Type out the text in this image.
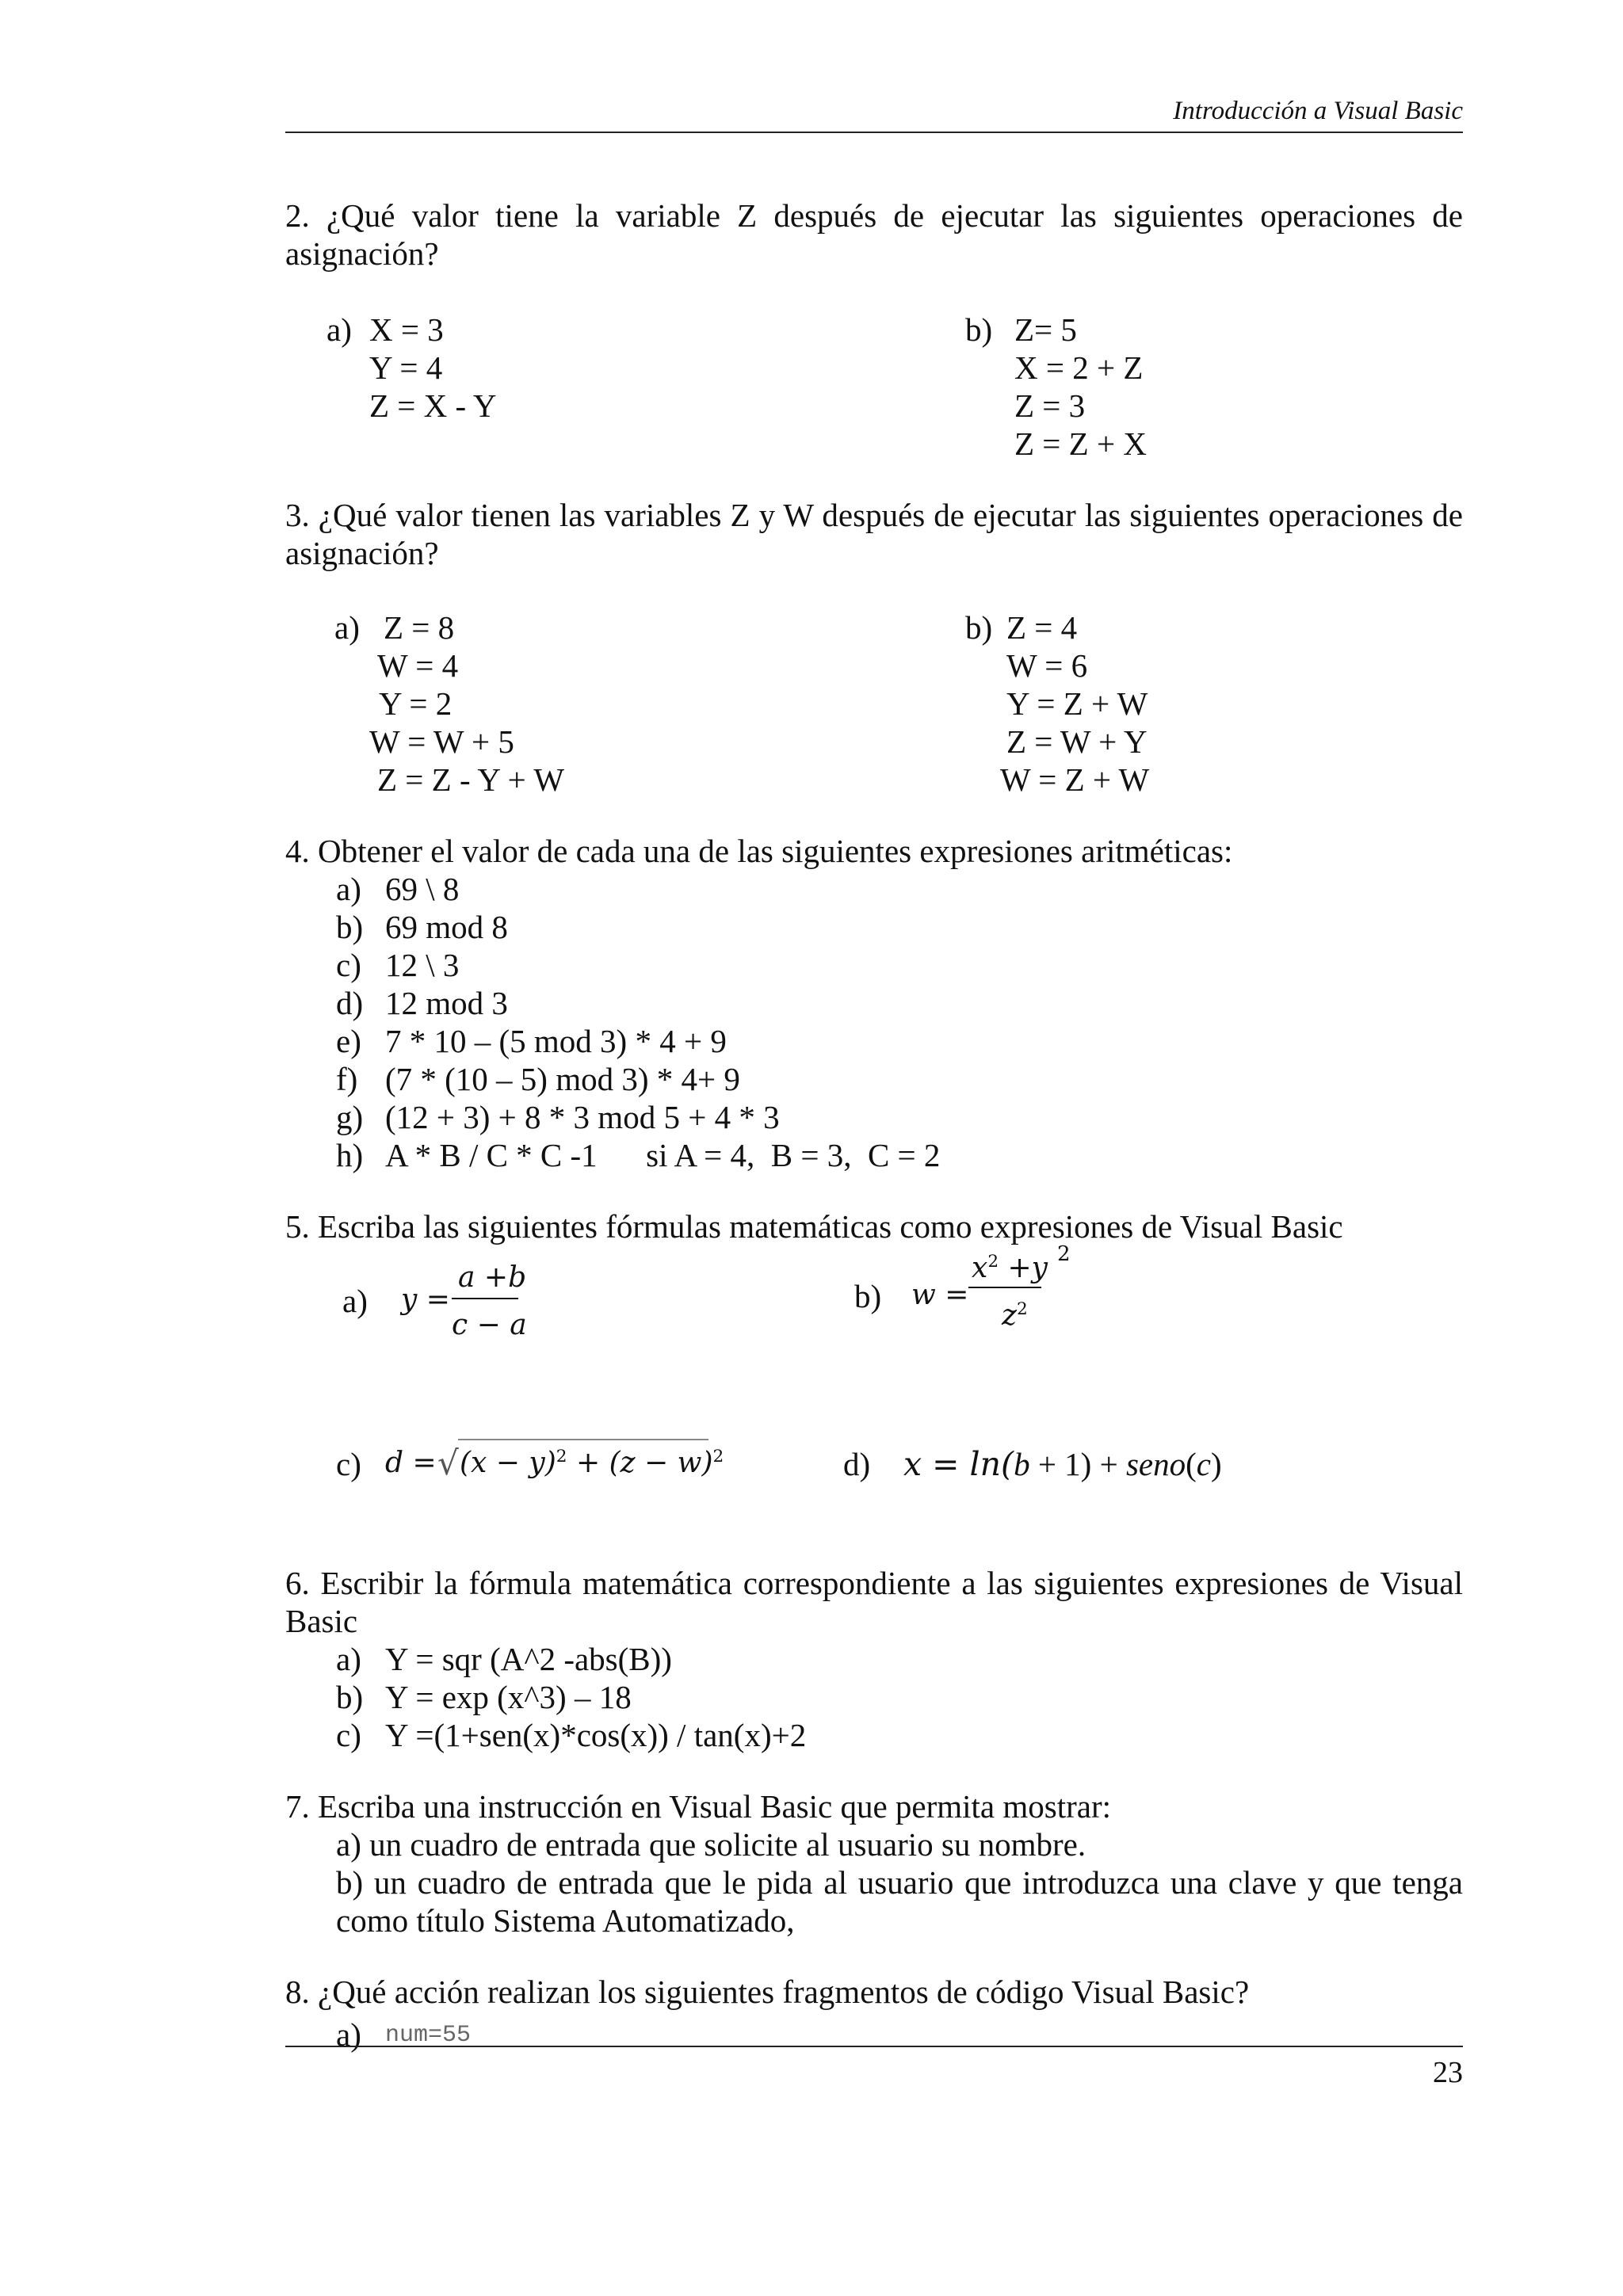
Introducción a Visual Basic
2. ¿Qué valor tiene la variable Z después de ejecutar las siguientes operaciones de asignación?
a) X = 3
Y = 4
Z = X - Y
b) Z= 5
X = 2 + Z
Z = 3
Z = Z + X
3. ¿Qué valor tienen las variables Z y W después de ejecutar las siguientes operaciones de asignación?
a) Z = 8
W = 4
Y = 2
W = W + 5
Z = Z - Y + W
b) Z = 4
W = 6
Y = Z + W
Z = W + Y
W = Z + W
4. Obtener el valor de cada una de las siguientes expresiones aritméticas:
a) 69 \ 8
b) 69 mod 8
c) 12 \ 3
d) 12 mod 3
e) 7 * 10 – (5 mod 3) * 4 + 9
f) (7 * (10 – 5) mod 3) * 4+ 9
g) (12 + 3) + 8 * 3 mod 5 + 4 * 3
h) A * B / C * C -1      si A = 4,  B = 3,  C = 2
5. Escriba las siguientes fórmulas matemáticas como expresiones de Visual Basic
a) y =
a +b
c − a
b) w =
$x^2 +y$ 2
$z^2$
c) d = √ $(x - y)^2 + (z - w)^2$	d) x = ln(b + 1) + seno(c)
6. Escribir la fórmula matemática correspondiente a las siguientes expresiones de Visual Basic
a) Y = sqr (A^2 -abs(B))
b) Y = exp (x^3) – 18
c) Y =(1+sen(x)*cos(x)) / tan(x)+2
7. Escriba una instrucción en Visual Basic que permita mostrar:
a) un cuadro de entrada que solicite al usuario su nombre.
b) un cuadro de entrada que le pida al usuario que introduzca una clave y que tenga como título Sistema Automatizado,
8. ¿Qué acción realizan los siguientes fragmentos de código Visual Basic?
a) num=55
23
